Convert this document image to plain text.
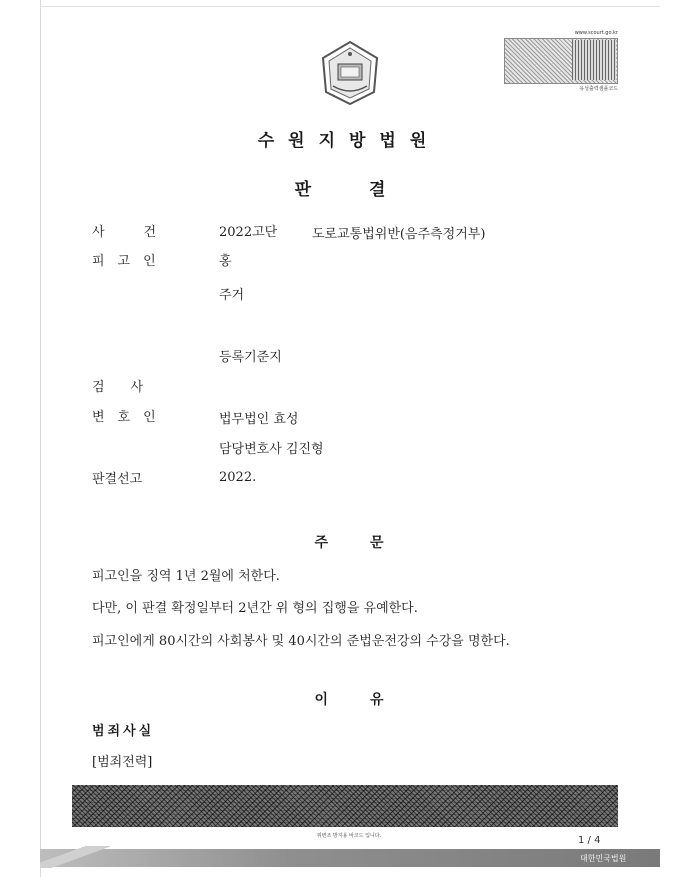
www.scourt.go.kr
유성출력샘플코드
수원지방법원
판결
사　　　건	2022고단	도로교통법위반(음주측정거부)
피　고　인	홍
주거
등록기준지
검　　사
변　호　인	법무법인 효성
담당변호사 김진형
판결선고	2022.
주　　　문
피고인을 징역 1년 2월에 처한다.
다만, 이 판결 확정일부터 2년간 위 형의 집행을 유예한다.
피고인에게 80시간의 사회봉사 및 40시간의 준법운전강의 수강을 명한다.
이　　　유
범죄사실
[범죄전력]
위변조 방지용 바코드 입니다.	1 / 4
대한민국법원
